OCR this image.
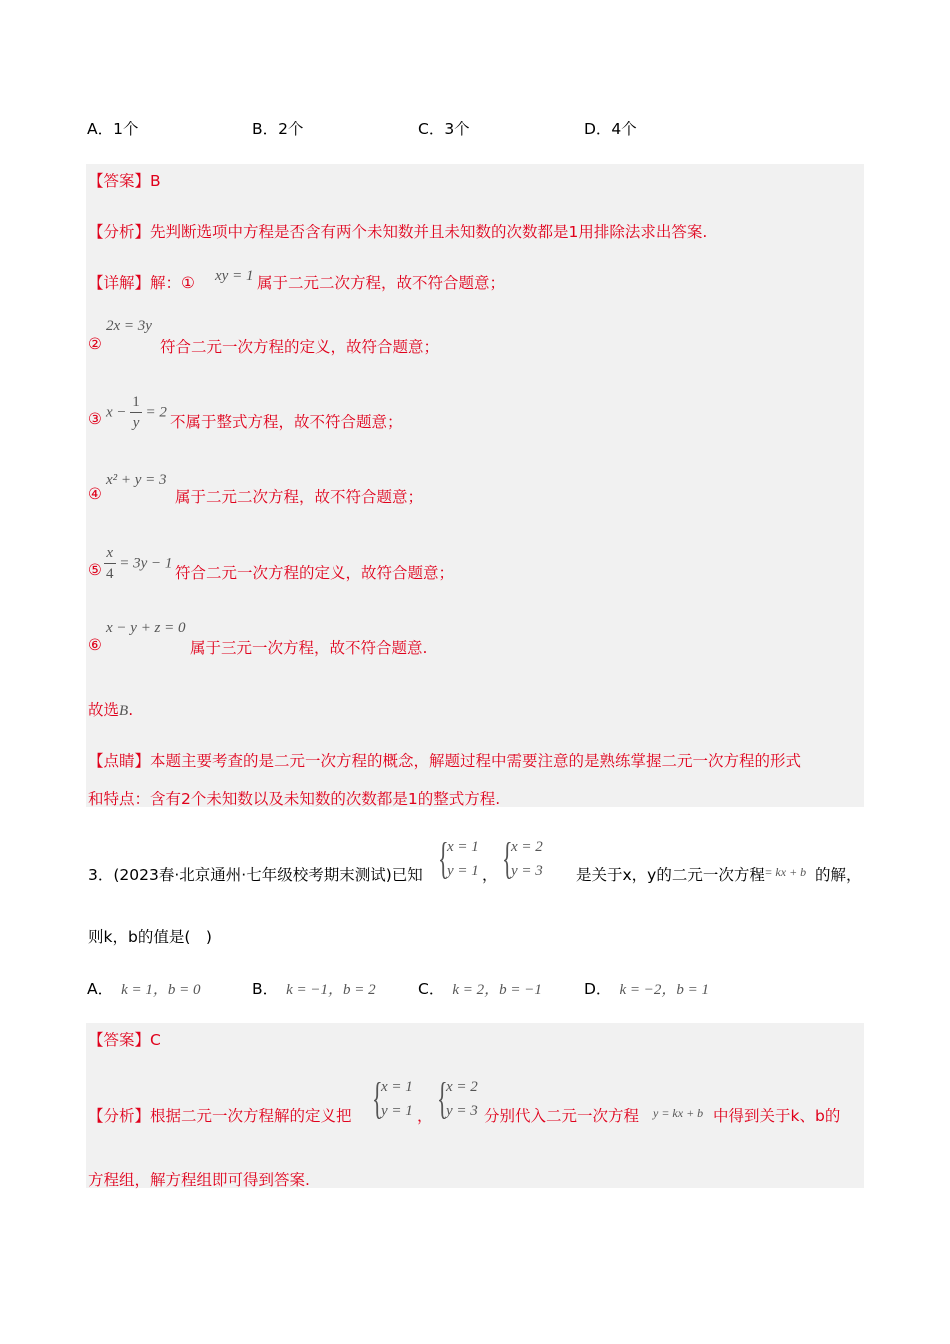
A．1个	B．2个	C．3个	D．4个
【答案】B
【分析】先判断选项中方程是否含有两个未知数并且未知数的次数都是1用排除法求出答案.
【详解】解：① xy = 1 属于二元二次方程，故不符合题意；
②
2x = 3y
符合二元一次方程的定义，故符合题意；
③ $x - \frac{1}{y} = 2$
不属于整式方程，故不符合题意；
④
x² + y = 3
属于二元二次方程，故不符合题意；
⑤ $\frac{x}{4} = 3y - 1$
符合二元一次方程的定义，故符合题意；
⑥
x − y + z = 0
属于三元一次方程，故不符合题意.
故选B.
【点睛】本题主要考查的是二元一次方程的概念，解题过程中需要注意的是熟练掌握二元一次方程的形式
和特点：含有2个未知数以及未知数的次数都是1的整式方程.
3．(2023春·北京通州·七年级校考期末测试)已知 {
x = 1
y = 1 ， {
x = 2
y = 3 是关于x，y的二元一次方程
y = kx + b 的解，
则k，b的值是(　)
A． k = 1，b = 0	B． k = −1，b = 2	C． k = 2，b = −1	D． k = −2，b = 1
【答案】C
【分析】根据二元一次方程解的定义把 {
x = 1
y = 1 ， {
x = 2
y = 3 分别代入二元一次方程 y = kx + b 中得到关于k、b的
方程组，解方程组即可得到答案.
